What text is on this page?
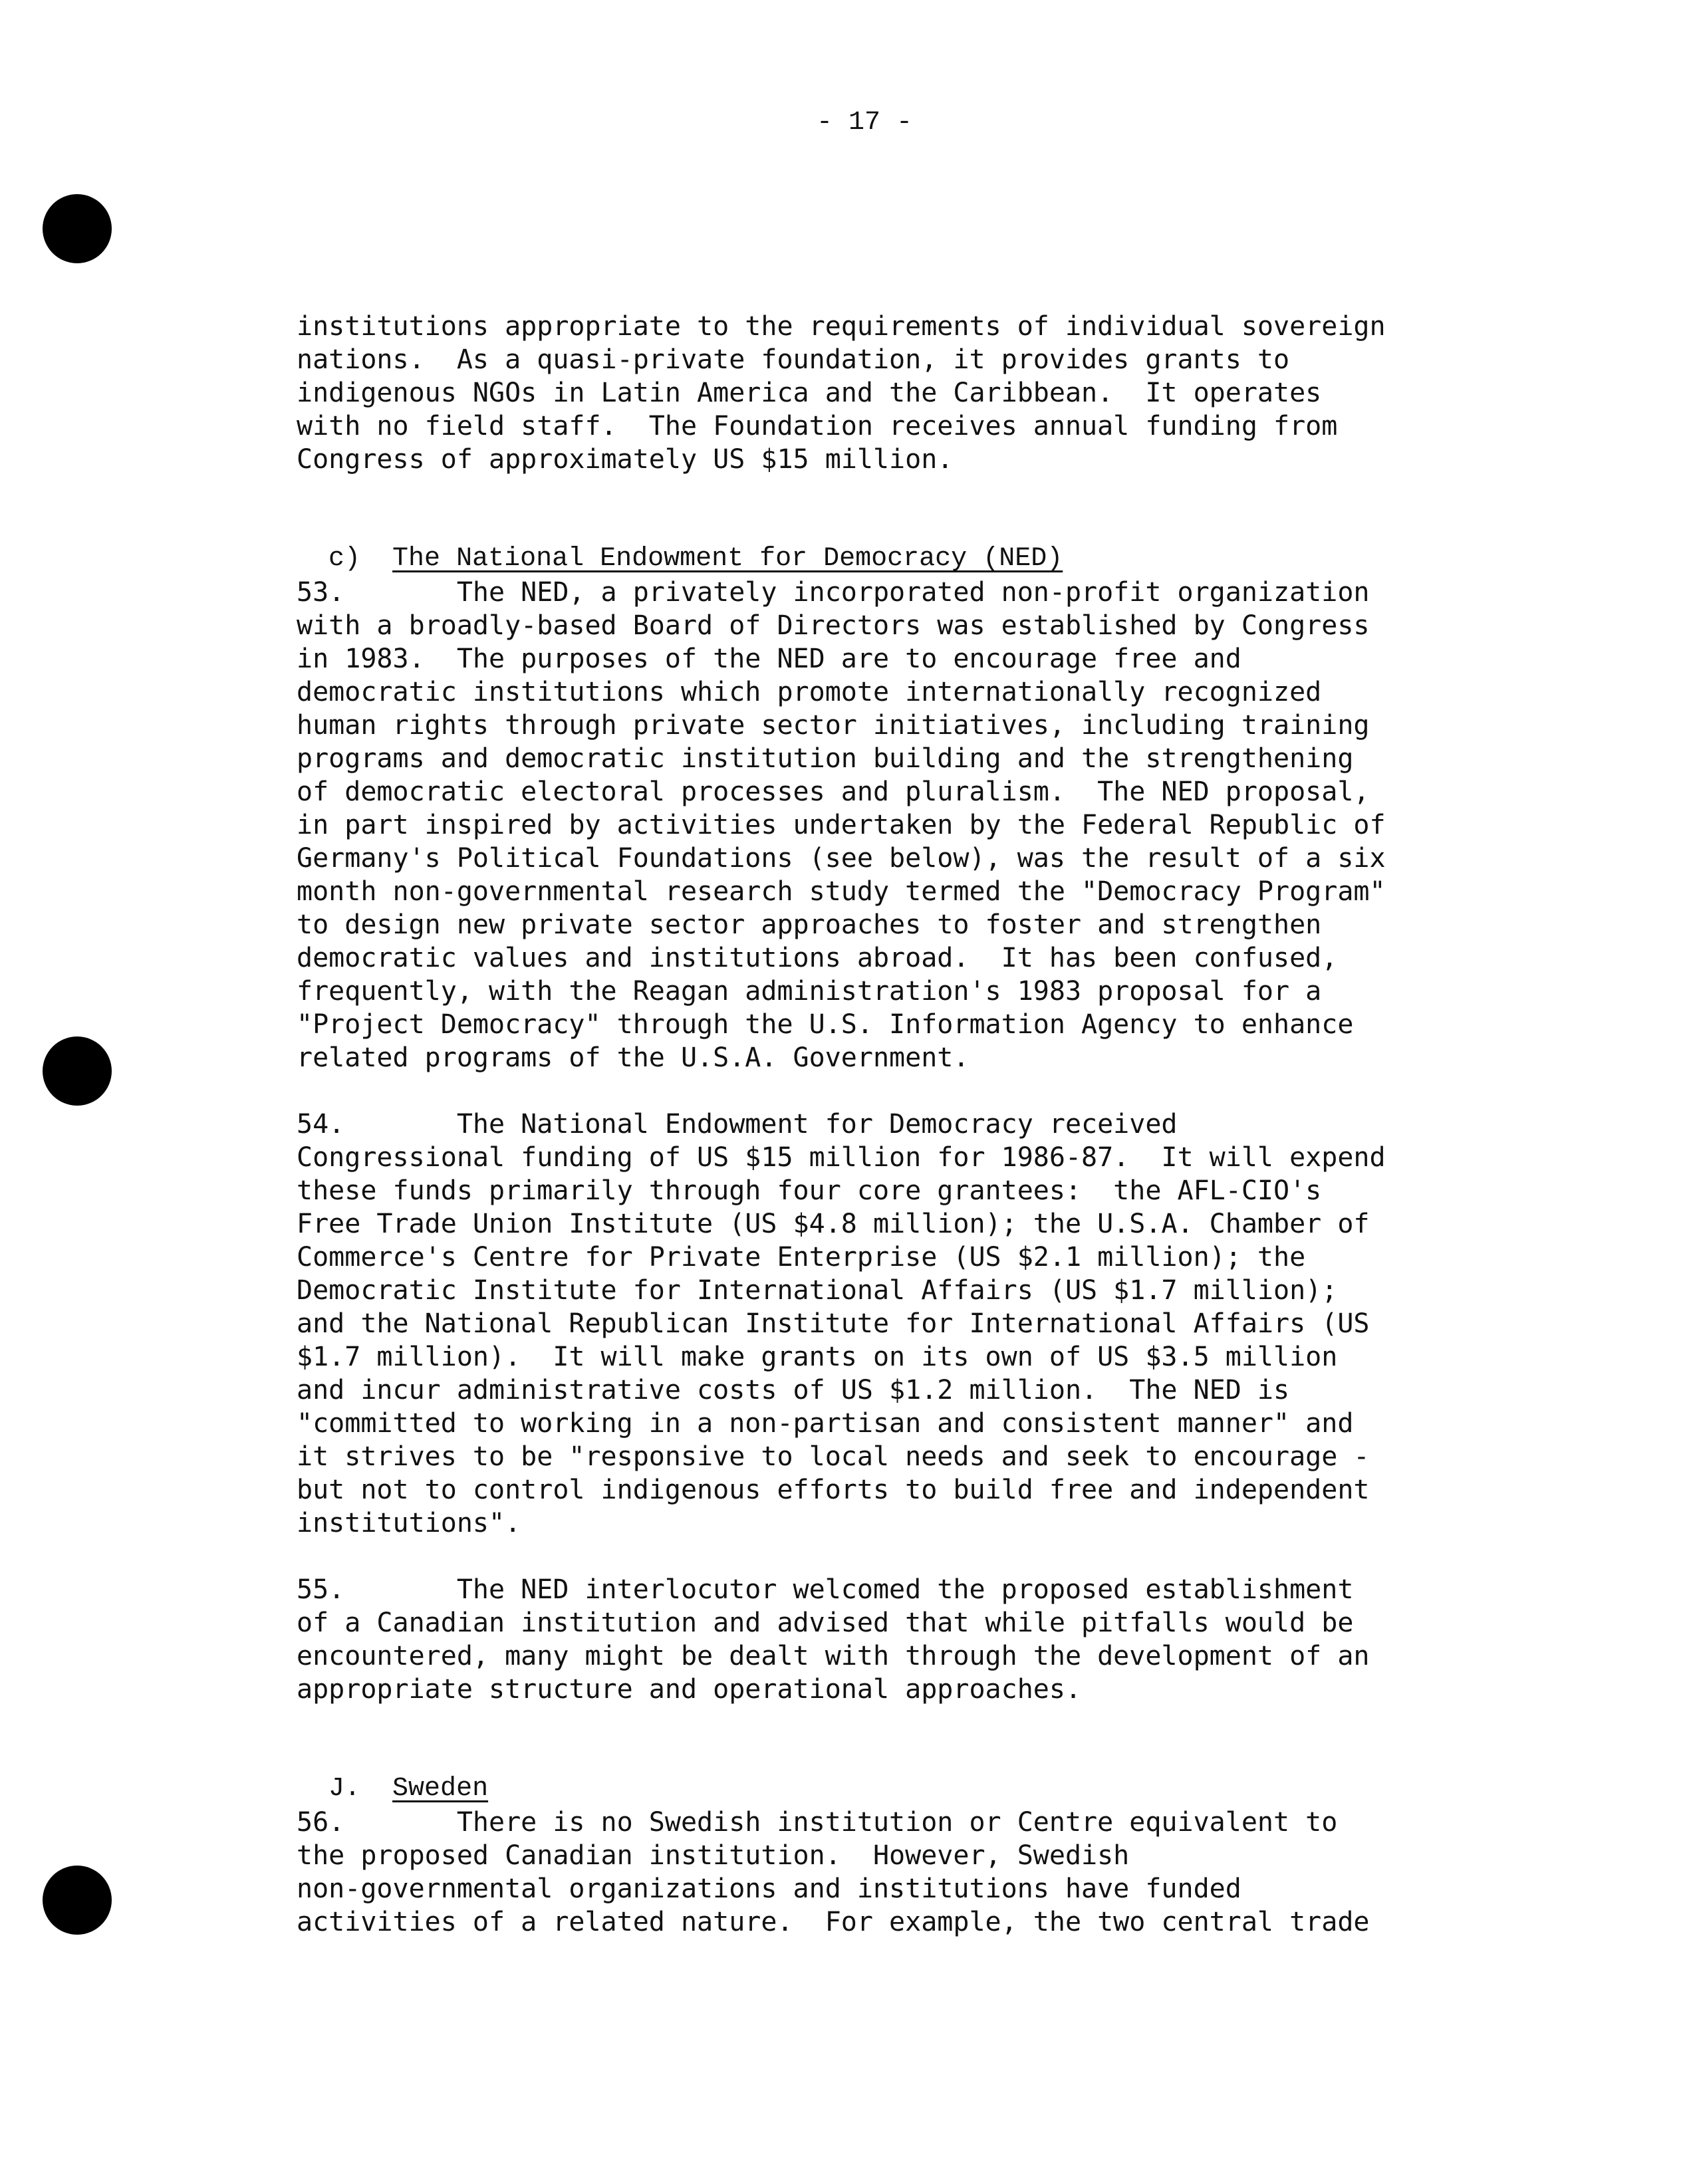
- 17 -
institutions appropriate to the requirements of individual sovereign
nations.  As a quasi-private foundation, it provides grants to
indigenous NGOs in Latin America and the Caribbean.  It operates
with no field staff.  The Foundation receives annual funding from
Congress of approximately US $15 million.

c) The National Endowment for Democracy (NED)

53.       The NED, a privately incorporated non-profit organization
with a broadly-based Board of Directors was established by Congress
in 1983.  The purposes of the NED are to encourage free and
democratic institutions which promote internationally recognized
human rights through private sector initiatives, including training
programs and democratic institution building and the strengthening
of democratic electoral processes and pluralism.  The NED proposal,
in part inspired by activities undertaken by the Federal Republic of
Germany's Political Foundations (see below), was the result of a six
month non-governmental research study termed the "Democracy Program"
to design new private sector approaches to foster and strengthen
democratic values and institutions abroad.  It has been confused,
frequently, with the Reagan administration's 1983 proposal for a
"Project Democracy" through the U.S. Information Agency to enhance
related programs of the U.S.A. Government.
54.       The National Endowment for Democracy received
Congressional funding of US $15 million for 1986-87.  It will expend
these funds primarily through four core grantees:  the AFL-CIO's
Free Trade Union Institute (US $4.8 million); the U.S.A. Chamber of
Commerce's Centre for Private Enterprise (US $2.1 million); the
Democratic Institute for International Affairs (US $1.7 million);
and the National Republican Institute for International Affairs (US
$1.7 million).  It will make grants on its own of US $3.5 million
and incur administrative costs of US $1.2 million.  The NED is
"committed to working in a non-partisan and consistent manner" and
it strives to be "responsive to local needs and seek to encourage -
but not to control indigenous efforts to build free and independent
institutions".
55.       The NED interlocutor welcomed the proposed establishment
of a Canadian institution and advised that while pitfalls would be
encountered, many might be dealt with through the development of an
appropriate structure and operational approaches.

J. Sweden

56.       There is no Swedish institution or Centre equivalent to
the proposed Canadian institution.  However, Swedish
non-governmental organizations and institutions have funded
activities of a related nature.  For example, the two central trade
